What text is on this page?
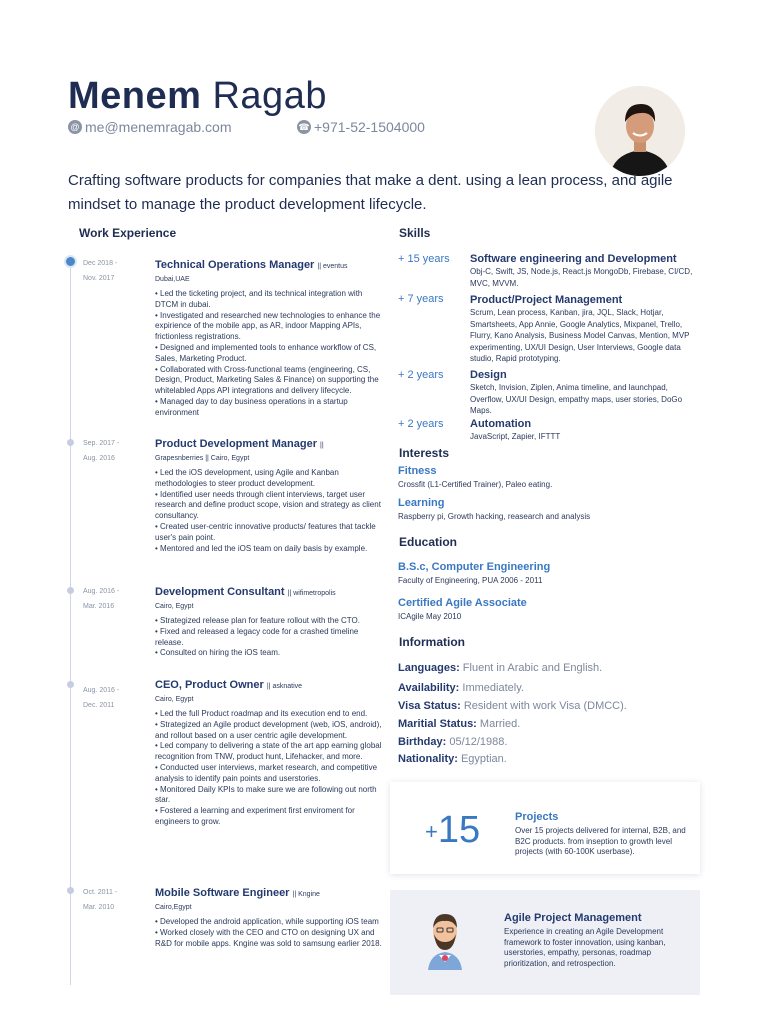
Menem Ragab
@ me@menemragab.com	☎ +971-52-1504000
Crafting software products for companies that make a dent. using a lean process, and agile mindset to manage the product development lifecycle.
Work Experience
Dec 2018 -
Nov. 2017
Technical Operations Manager || eventus
Dubai,UAE
• Led the ticketing project, and its technical integration with DTCM in dubai.
• Investigated and researched new technologies to enhance the expirience of the mobile app, as AR, indoor Mapping APIs, frictionless registrations.
• Designed and implemented tools to enhance workflow of CS, Sales, Marketing Product.
• Collaborated with Cross-functional teams (engineering, CS, Design, Product, Marketing Sales & Finance) on supporting the whitelabled Apps API integrations and delivery lifecycle.
• Managed day to day business operations in a startup environment
Sep. 2017 -
Aug. 2016
Product Development Manager ||
Grapesnberries || Cairo, Egypt
• Led the iOS development, using Agile and Kanban methodologies to steer product development.
• Identified user needs through client interviews, target user research and define product scope, vision and strategy as client consultancy.
• Created user-centric innovative products/ features that tackle user's pain point.
• Mentored and led the iOS team on daily basis by example.
Aug. 2016 -
Mar. 2016
Development Consultant || wifimetropolis
Cairo, Egypt
• Strategized release plan for feature rollout with the CTO.
• Fixed and released a legacy code for a crashed timeline release.
• Consulted on hiring the iOS team.
Aug. 2016 -
Dec. 2011
CEO, Product Owner || asknative
Cairo, Egypt
• Led the full Product roadmap and its execution end to end.
• Strategized an Agile product development (web, iOS, android), and rollout based on a user centric agile development.
• Led company to delivering a state of the art app earning global recognition from TNW, product hunt, Lifehacker, and more.
• Conducted user interviews, market research, and competitive analysis to identify pain points and userstories.
• Monitored Daily KPIs to make sure we are following out north star.
• Fostered a learning and experiment first enviroment for engineers to grow.
Oct. 2011 -
Mar. 2010
Mobile Software Engineer || Kngine
Cairo,Egypt
• Developed the android application, while supporting iOS team
• Worked closely with the CEO and CTO on designing UX and R&D for mobile apps. Kngine was sold to samsung earlier 2018.
Skills
+ 15 years Software engineering and Development
Obj-C, Swift, JS, Node.js, React.js MongoDb, Firebase, CI/CD, MVC, MVVM.
+ 7 years Product/Project Management
Scrum, Lean process, Kanban, jira, JQL, Slack, Hotjar, Smartsheets, App Annie, Google Analytics, Mixpanel, Trello, Flurry, Kano Analysis, Business Model Canvas, Mention, MVP experimenting, UX/UI Design, User Interviews, Google data studio, Rapid prototyping.
+ 2 years Design
Sketch, Invision, Ziplen, Anima timeline, and launchpad, Overflow, UX/UI Design, empathy maps, user stories, DoGo Maps.
+ 2 years Automation
JavaScript, Zapier, IFTTT
Interests
Fitness
Crossfit (L1-Certified Trainer), Paleo eating.
Learning
Raspberry pi, Growth hacking, reasearch and analysis
Education
B.S.c, Computer Engineering
Faculty of Engineering, PUA 2006 - 2011
Certified Agile Associate
ICAgile May 2010
Information
Languages: Fluent in Arabic and English.
Availability: Immediately.
Visa Status: Resident with work Visa (DMCC).
Maritial Status: Married.
Birthday: 05/12/1988.
Nationality: Egyptian.
+15	Projects
Over 15 projects delivered for internal, B2B, and B2C products. from inseption to growth level projects (with 60-100K userbase).
Agile Project Management
Experience in creating an Agile Development framework to foster innovation, using kanban, userstories, empathy, personas, roadmap prioritization, and retrospection.
